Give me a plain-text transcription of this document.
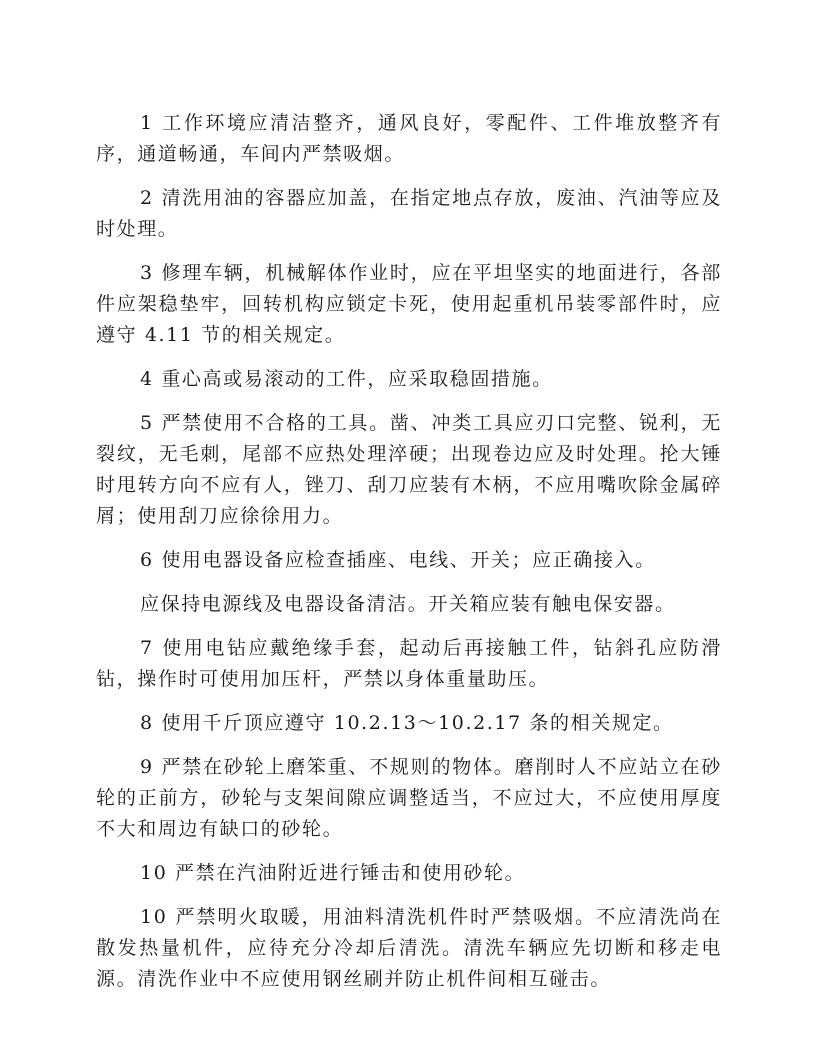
1 工作环境应清洁整齐，通风良好，零配件、工件堆放整齐有序，通道畅通，车间内严禁吸烟。

2 清洗用油的容器应加盖，在指定地点存放，废油、汽油等应及时处理。

3 修理车辆，机械解体作业时，应在平坦坚实的地面进行，各部件应架稳垫牢，回转机构应锁定卡死，使用起重机吊装零部件时，应遵守 4.11 节的相关规定。

4 重心高或易滚动的工件，应采取稳固措施。

5 严禁使用不合格的工具。凿、冲类工具应刃口完整、锐利，无裂纹，无毛刺，尾部不应热处理淬硬；出现卷边应及时处理。抡大锤时甩转方向不应有人，锉刀、刮刀应装有木柄，不应用嘴吹除金属碎屑；使用刮刀应徐徐用力。

6 使用电器设备应检查插座、电线、开关；应正确接入。

应保持电源线及电器设备清洁。开关箱应装有触电保安器。

7 使用电钻应戴绝缘手套，起动后再接触工件，钻斜孔应防滑钻，操作时可使用加压杆，严禁以身体重量助压。

8 使用千斤顶应遵守 10.2.13～10.2.17 条的相关规定。

9 严禁在砂轮上磨笨重、不规则的物体。磨削时人不应站立在砂轮的正前方，砂轮与支架间隙应调整适当，不应过大，不应使用厚度不大和周边有缺口的砂轮。

10 严禁在汽油附近进行锤击和使用砂轮。

10 严禁明火取暖，用油料清洗机件时严禁吸烟。不应清洗尚在散发热量机件，应待充分冷却后清洗。清洗车辆应先切断和移走电源。清洗作业中不应使用钢丝刷并防止机件间相互碰击。
